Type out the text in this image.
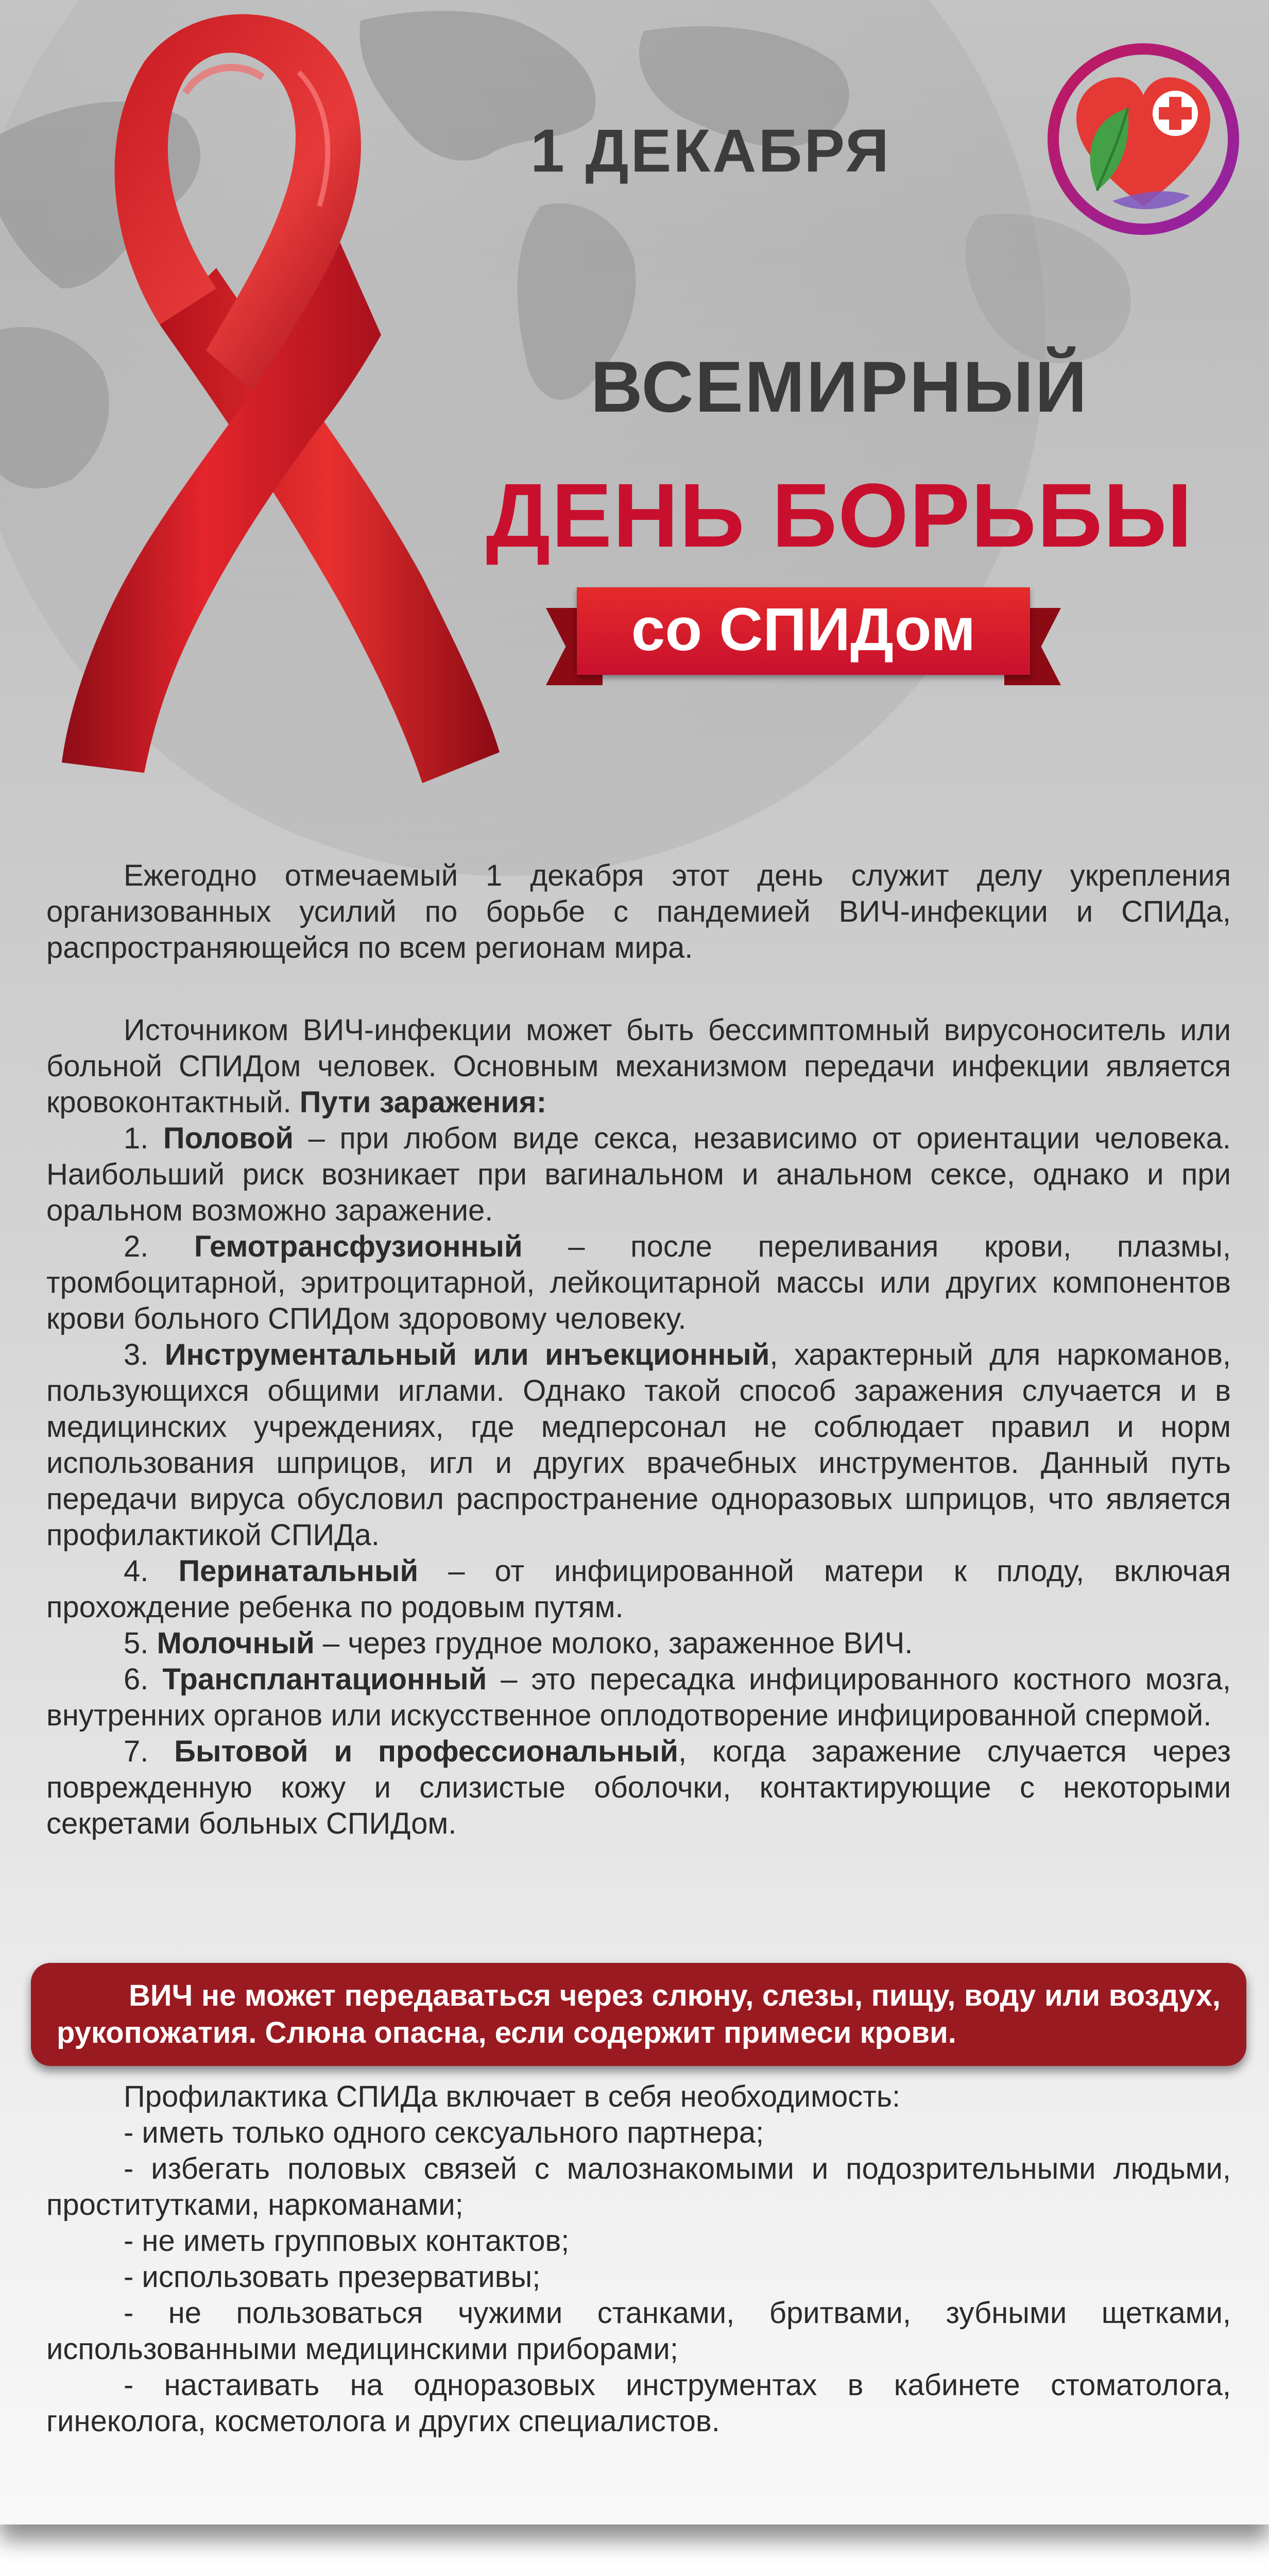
1 ДЕКАБРЯ
ВСЕМИРНЫЙ
ДЕНЬ БОРЬБЫ
со СПИДом

Ежегодно отмечаемый 1 декабря этот день служит делу укрепления организованных усилий по борьбе с пандемией ВИЧ-инфекции и СПИДа, распространяющейся по всем регионам мира.

Источником ВИЧ-инфекции может быть бессимптомный вирусоноситель или больной СПИДом человек. Основным механизмом передачи инфекции является кровоконтактный. Пути заражения:

1. Половой – при любом виде секса, независимо от ориентации человека. Наибольший риск возникает при вагинальном и анальном сексе, однако и при оральном возможно заражение.

2. Гемотрансфузионный – после переливания крови, плазмы, тромбоцитарной, эритроцитарной, лейкоцитарной массы или других компонентов крови больного СПИДом здоровому человеку.

3. Инструментальный или инъекционный, характерный для наркоманов, пользующихся общими иглами. Однако такой способ заражения случается и в медицинских учреждениях, где медперсонал не соблюдает правил и норм использования шприцов, игл и других врачебных инструментов. Данный путь передачи вируса обусловил распространение одноразовых шприцов, что является профилактикой СПИДа.

4. Перинатальный – от инфицированной матери к плоду, включая прохождение ребенка по родовым путям.

5. Молочный – через грудное молоко, зараженное ВИЧ.

6. Трансплантационный – это пересадка инфицированного костного мозга, внутренних органов или искусственное оплодотворение инфицированной спермой.

7. Бытовой и профессиональный, когда заражение случается через поврежденную кожу и слизистые оболочки, контактирующие с некоторыми секретами больных СПИДом.

ВИЧ не может передаваться через слюну, слезы, пищу, воду или воздух, рукопожатия. Слюна опасна, если содержит примеси крови.

Профилактика СПИДа включает в себя необходимость:

- иметь только одного сексуального партнера;

- избегать половых связей с малознакомыми и подозрительными людьми, проститутками, наркоманами;

- не иметь групповых контактов;

- использовать презервативы;

- не пользоваться чужими станками, бритвами, зубными щетками, использованными медицинскими приборами;

- настаивать на одноразовых инструментах в кабинете стоматолога, гинеколога, косметолога и других специалистов.
